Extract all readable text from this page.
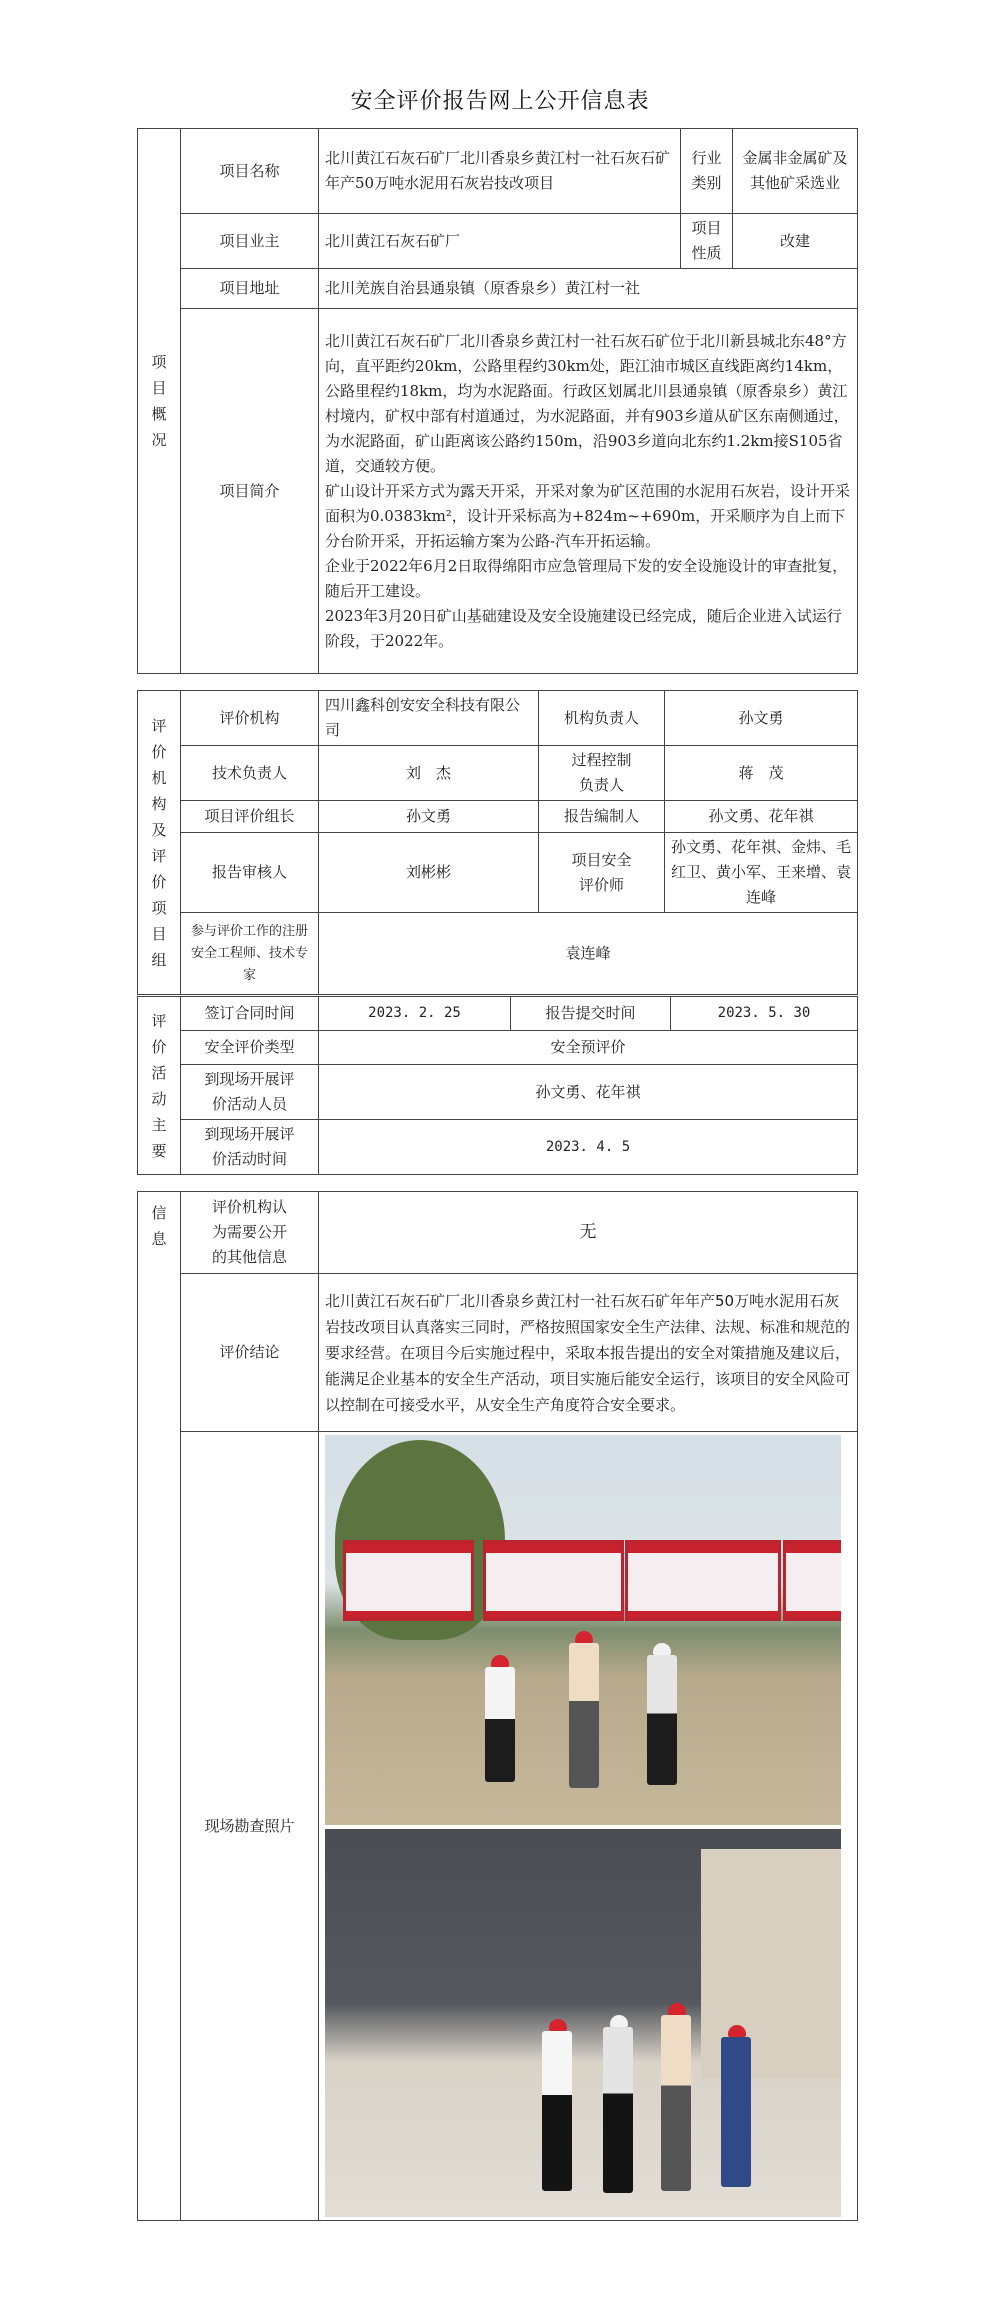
安全评价报告网上公开信息表
项目概况	项目名称	北川黄江石灰石矿厂北川香泉乡黄江村一社石灰石矿年产50万吨水泥用石灰岩技改项目	行业类别	金属非金属矿及其他矿采选业
	项目业主	北川黄江石灰石矿厂	项目性质	改建
	项目地址	北川羌族自治县通泉镇（原香泉乡）黄江村一社		
	项目简介	北川黄江石灰石矿厂北川香泉乡黄江村一社石灰石矿位于北川新县城北东48°方向，直平距约20km，公路里程约30km处，距江油市城区直线距离约14km，公路里程约18km，均为水泥路面。行政区划属北川县通泉镇（原香泉乡）黄江村境内，矿权中部有村道通过，为水泥路面，并有903乡道从矿区东南侧通过，为水泥路面，矿山距离该公路约150m，沿903乡道向北东约1.2km接S105省道，交通较方便。
矿山设计开采方式为露天开采，开采对象为矿区范围的水泥用石灰岩，设计开采面积为0.0383km²，设计开采标高为+824m~+690m，开采顺序为自上而下分台阶开采，开拓运输方案为公路-汽车开拓运输。
企业于2022年6月2日取得绵阳市应急管理局下发的安全设施设计的审查批复，随后开工建设。
2023年3月20日矿山基础建设及安全设施建设已经完成，随后企业进入试运行阶段，于2022年。		
评价机构及评价项目组	评价机构	四川鑫科创安安全科技有限公司	机构负责人	孙文勇
	技术负责人	刘　杰	过程控制负责人	蒋　茂
	项目评价组长	孙文勇	报告编制人	孙文勇、花年祺
	报告审核人	刘彬彬	项目安全评价师	孙文勇、花年祺、金炜、毛红卫、黄小军、王来增、袁连峰
	参与评价工作的注册安全工程师、技术专家	袁连峰		
评价活动主要	签订合同时间	2023. 2. 25	报告提交时间	2023. 5. 30
	安全评价类型	安全预评价		

	到现场开展评价活动人员	孙文勇、花年祺		

	到现场开展评价活动时间	2023. 4. 5		
信息	评价机构认为需要公开的其他信息	无
	评价结论	北川黄江石灰石矿厂北川香泉乡黄江村一社石灰石矿年年产50万吨水泥用石灰岩技改项目认真落实三同时，严格按照国家安全生产法律、法规、标准和规范的要求经营。在项目今后实施过程中，采取本报告提出的安全对策措施及建议后，能满足企业基本的安全生产活动，项目实施后能安全运行，该项目的安全风险可以控制在可接受水平，从安全生产角度符合安全要求。
	现场勘查照片	
